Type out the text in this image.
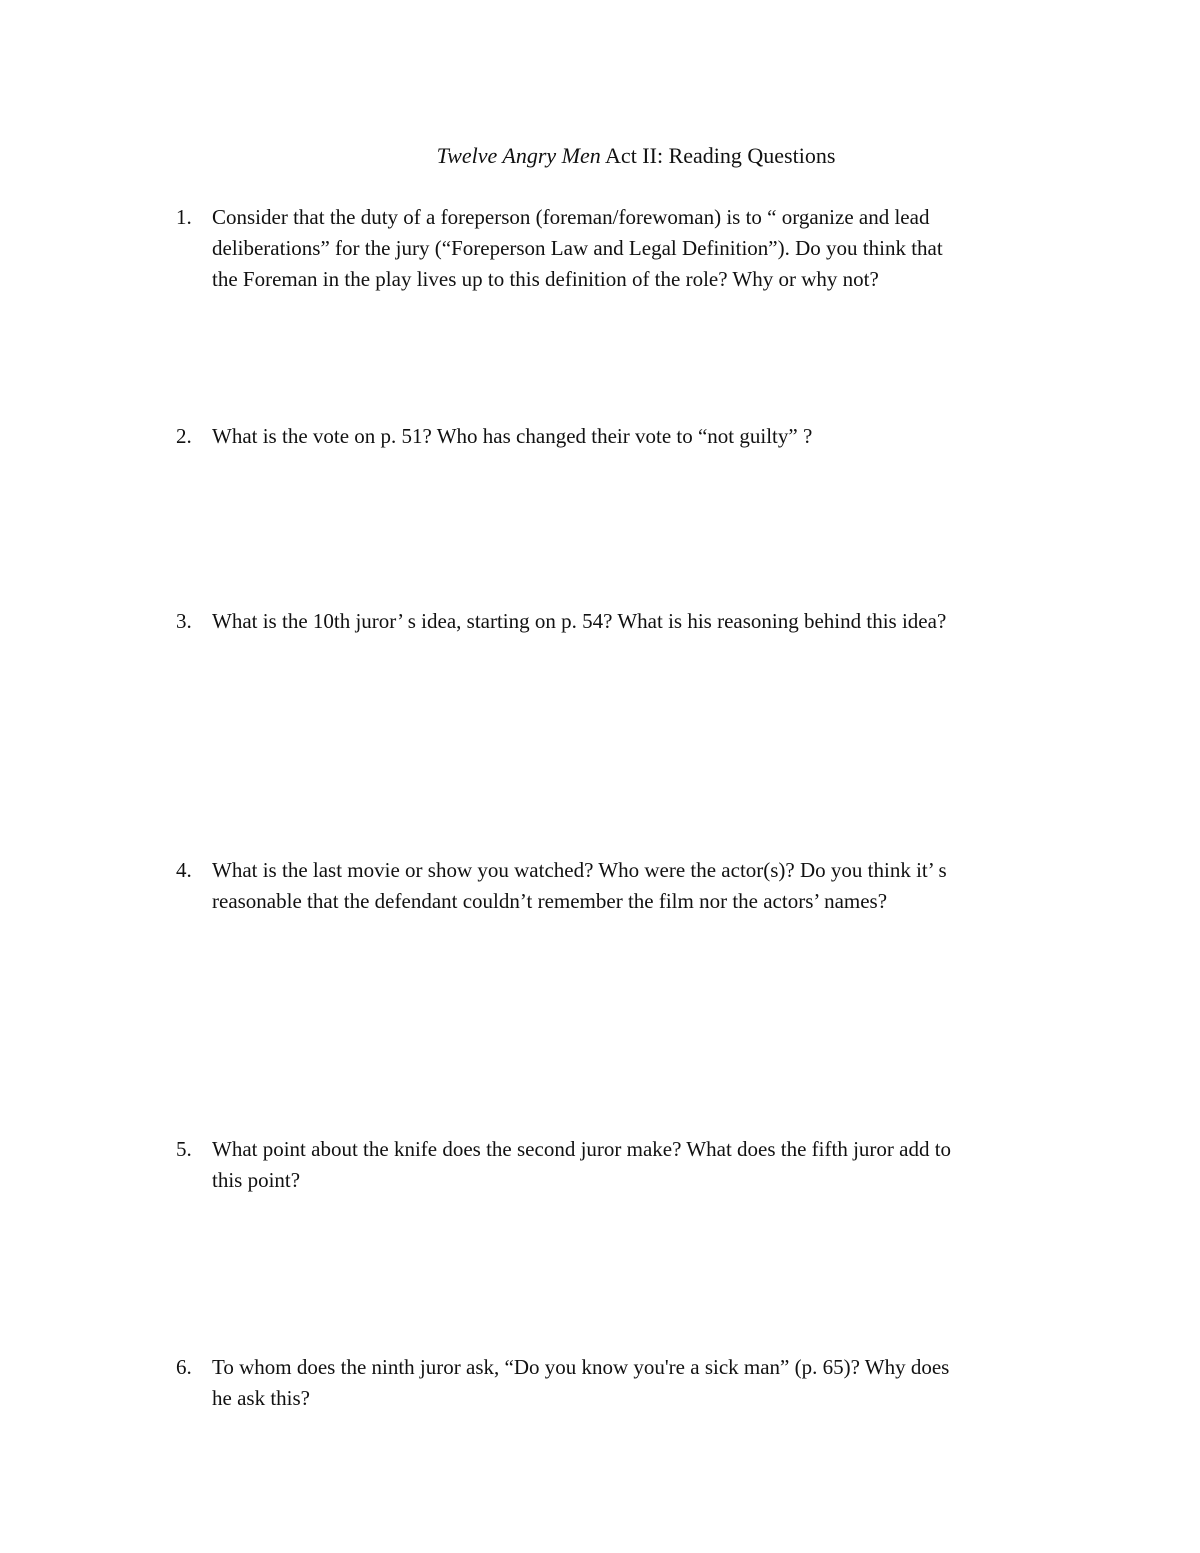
Twelve Angry Men Act II: Reading Questions
1. Consider that the duty of a foreperson (foreman/forewoman) is to “ organize and lead
deliberations” for the jury (“Foreperson Law and Legal Definition”). Do you think that
the Foreman in the play lives up to this definition of the role? Why or why not?
2. What is the vote on p. 51? Who has changed their vote to “not guilty” ?
3. What is the 10th juror’ s idea, starting on p. 54? What is his reasoning behind this idea?
4. What is the last movie or show you watched? Who were the actor(s)? Do you think it’ s
reasonable that the defendant couldn’t remember the film nor the actors’ names?
5. What point about the knife does the second juror make? What does the fifth juror add to
this point?
6. To whom does the ninth juror ask, “Do you know you're a sick man” (p. 65)? Why does
he ask this?
